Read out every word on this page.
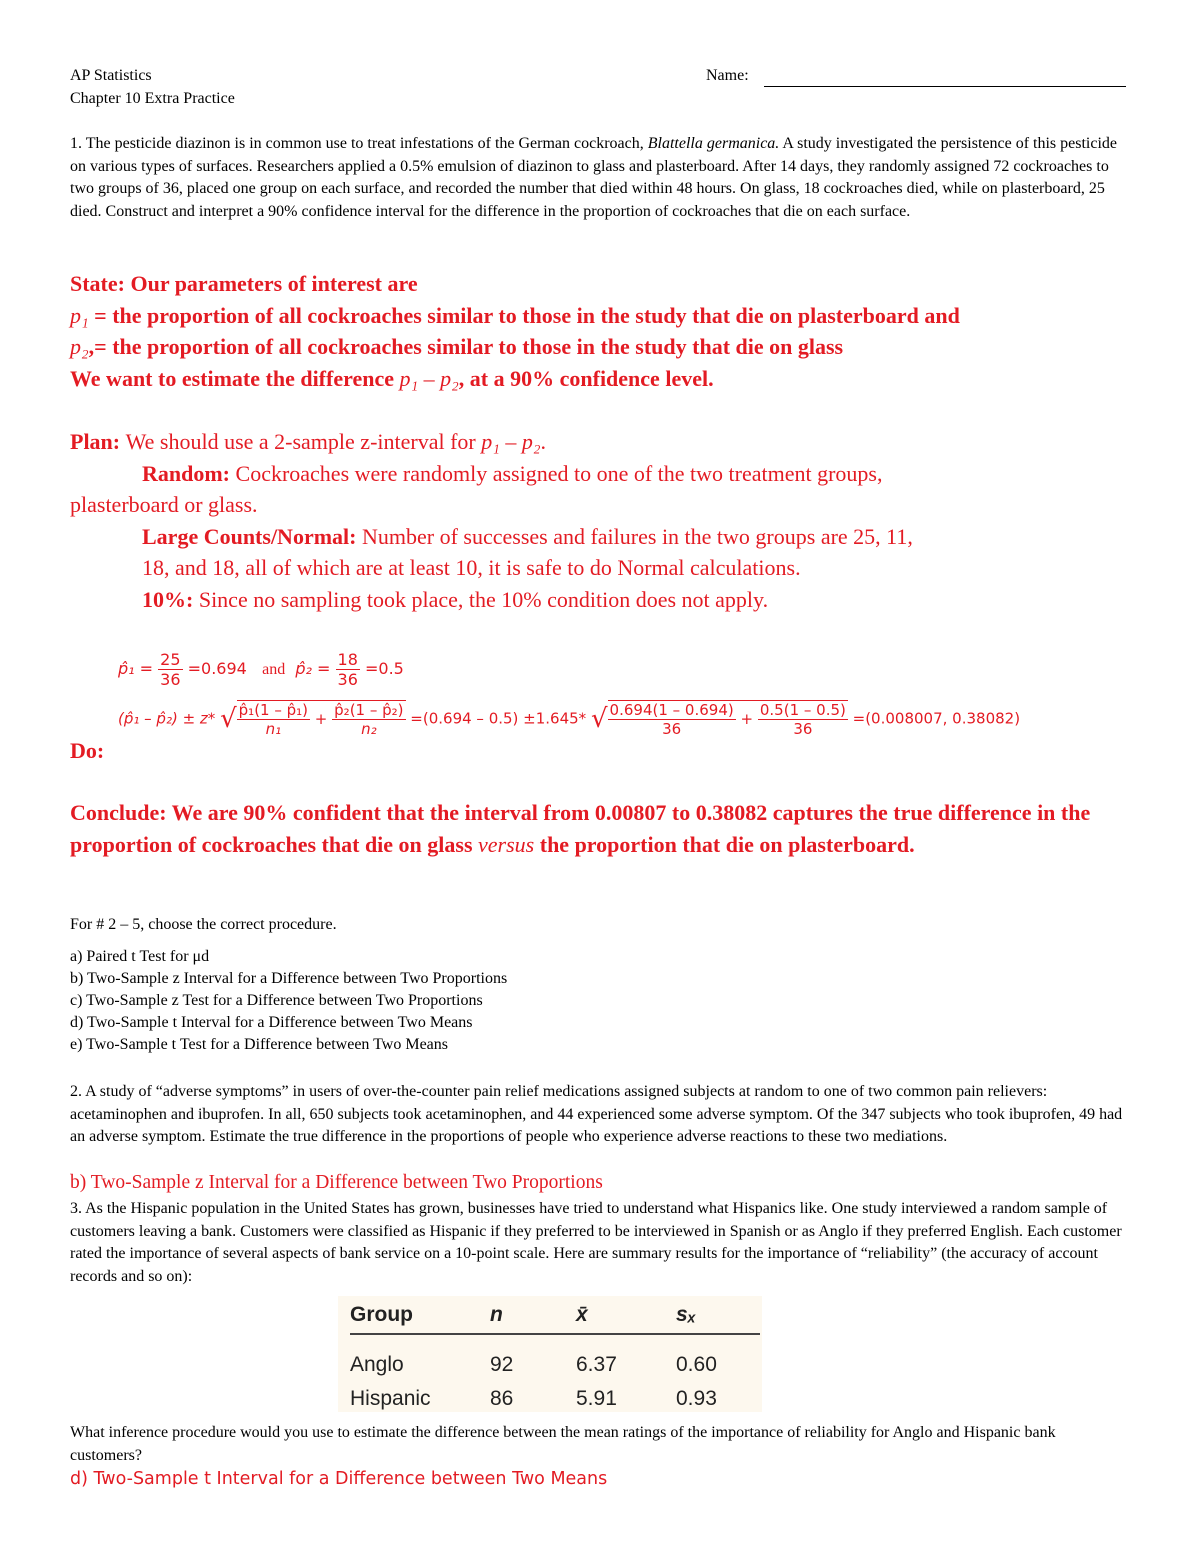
AP Statistics
Chapter 10 Extra Practice
Name:
1. The pesticide diazinon is in common use to treat infestations of the German cockroach, Blattella germanica. A study investigated the persistence of this pesticide on various types of surfaces. Researchers applied a 0.5% emulsion of diazinon to glass and plasterboard. After 14 days, they randomly assigned 72 cockroaches to two groups of 36, placed one group on each surface, and recorded the number that died within 48 hours. On glass, 18 cockroaches died, while on plasterboard, 25 died. Construct and interpret a 90% confidence interval for the difference in the proportion of cockroaches that die on each surface.
State: Our parameters of interest are
p₁ = the proportion of all cockroaches similar to those in the study that die on plasterboard and
p₂,= the proportion of all cockroaches similar to those in the study that die on glass
We want to estimate the difference p₁ – p₂, at a 90% confidence level.
Plan: We should use a 2-sample z-interval for p₁ – p₂.
Random: Cockroaches were randomly assigned to one of the two treatment groups,
plasterboard or glass.
Large Counts/Normal: Number of successes and failures in the two groups are 25, 11,
18, and 18, all of which are at least 10, it is safe to do Normal calculations.
10%: Since no sampling took place, the 10% condition does not apply.
p̂₁ = $\frac{25}{36} =0.694$ and p̂₂ = $\frac{18}{36} =0.5$
(p̂₁ – p̂₂) ± z* √ $\frac{\text{p̂₁(1 – p̂₁)}}{\text{n₁}} + \frac{\text{p̂₂(1 – p̂₂)}}{\text{n₂}} =(0.694 - 0.5) \pm 1.645*$ √ $\frac{0.694(1 - 0.694)}{36} + \frac{0.5(1 - 0.5)}{36} =(0.008007$, 0.38082)
Do:
Conclude: We are 90% confident that the interval from 0.00807 to 0.38082 captures the true difference in the proportion of cockroaches that die on glass versus the proportion that die on plasterboard.
For # 2 – 5, choose the correct procedure.
a) Paired t Test for μd
b) Two-Sample z Interval for a Difference between Two Proportions
c) Two-Sample z Test for a Difference between Two Proportions
d) Two-Sample t Interval for a Difference between Two Means
e) Two-Sample t Test for a Difference between Two Means
2. A study of “adverse symptoms” in users of over-the-counter pain relief medications assigned subjects at random to one of two common pain relievers: acetaminophen and ibuprofen. In all, 650 subjects took acetaminophen, and 44 experienced some adverse symptom. Of the 347 subjects who took ibuprofen, 49 had an adverse symptom. Estimate the true difference in the proportions of people who experience adverse reactions to these two mediations.
b) Two-Sample z Interval for a Difference between Two Proportions
3. As the Hispanic population in the United States has grown, businesses have tried to understand what Hispanics like. One study interviewed a random sample of customers leaving a bank. Customers were classified as Hispanic if they preferred to be interviewed in Spanish or as Anglo if they preferred English. Each customer rated the importance of several aspects of bank service on a 10-point scale. Here are summary results for the importance of “reliability” (the accuracy of account records and so on):
Group	n	x̄	sₓ

Anglo	92	6.37	0.60
Hispanic	86	5.91	0.93
What inference procedure would you use to estimate the difference between the mean ratings of the importance of reliability for Anglo and Hispanic bank customers?
d) Two-Sample t Interval for a Difference between Two Means
